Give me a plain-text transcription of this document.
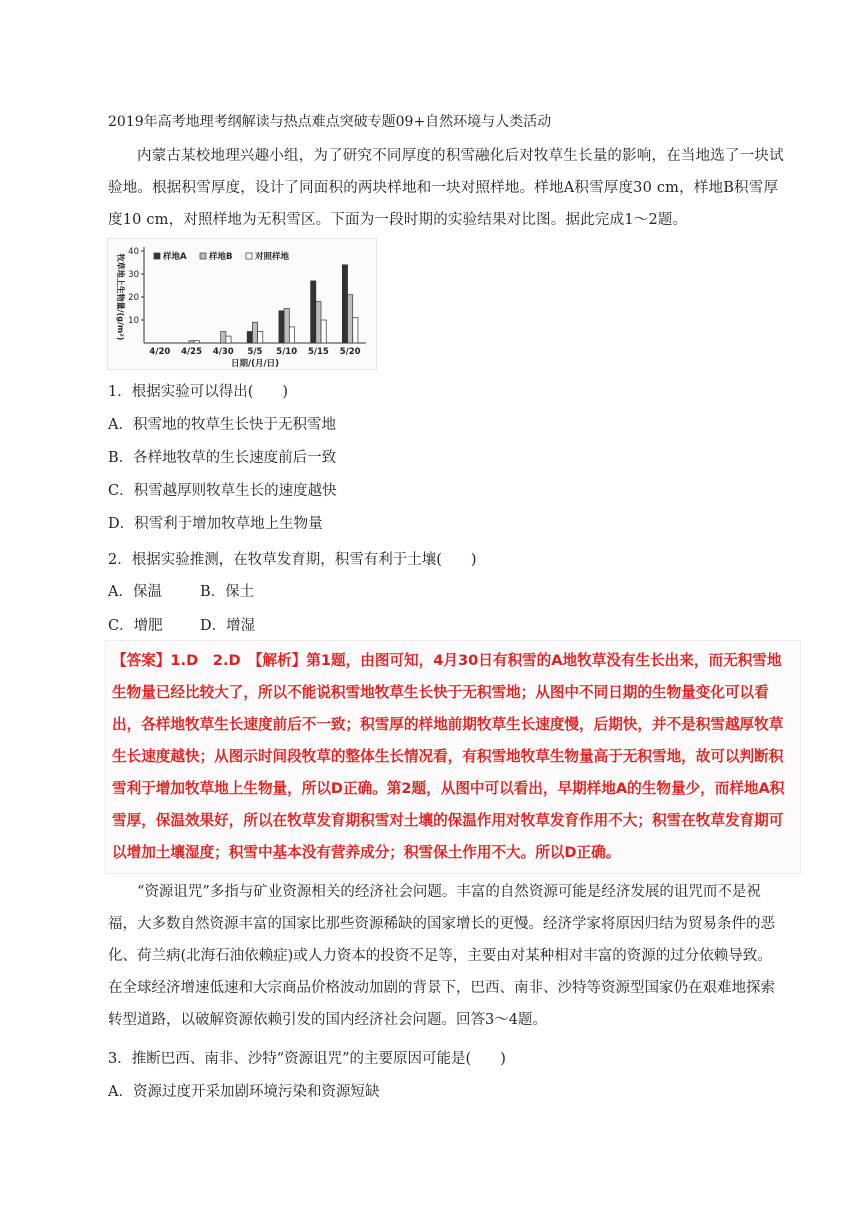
2019年高考地理考纲解读与热点难点突破专题09+自然环境与人类活动

内蒙古某校地理兴趣小组，为了研究不同厚度的积雪融化后对牧草生长量的影响，在当地选了一块试验地。根据积雪厚度，设计了同面积的两块样地和一块对照样地。样地A积雪厚度30 cm，样地B积雪厚度10 cm，对照样地为无积雪区。下面为一段时期的实验结果对比图。据此完成1～2题。

10
20
30
40
牧草地上生物量/(g/m²)
4/20 4/25 4/30 5/5 5/10 5/15 5/20
日期/(月/日)
样地A	样地B	对照样地

1．根据实验可以得出(　　)

A．积雪地的牧草生长快于无积雪地

B．各样地牧草的生长速度前后一致

C．积雪越厚则牧草生长的速度越快

D．积雪利于增加牧草地上生物量

2．根据实验推测，在牧草发育期，积雪有利于土壤(　　)

A．保温	B．保土

C．增肥	D．增湿

【答案】1.D　2.D　 【解析】第1题，由图可知，4月30日有积雪的A地牧草没有生长出来，而无积雪地生物量已经比较大了，所以不能说积雪地牧草生长快于无积雪地；从图中不同日期的生物量变化可以看出，各样地牧草生长速度前后不一致；积雪厚的样地前期牧草生长速度慢，后期快，并不是积雪越厚牧草生长速度越快；从图示时间段牧草的整体生长情况看，有积雪地牧草生物量高于无积雪地，故可以判断积雪利于增加牧草地上生物量，所以D正确。第2题，从图中可以看出，早期样地A的生物量少，而样地A积雪厚，保温效果好，所以在牧草发育期积雪对土壤的保温作用对牧草发育作用不大；积雪在牧草发育期可以增加土壤湿度；积雪中基本没有营养成分；积雪保土作用不大。所以D正确。

“资源诅咒”多指与矿业资源相关的经济社会问题。丰富的自然资源可能是经济发展的诅咒而不是祝福，大多数自然资源丰富的国家比那些资源稀缺的国家增长的更慢。经济学家将原因归结为贸易条件的恶化、荷兰病(北海石油依赖症)或人力资本的投资不足等，主要由对某种相对丰富的资源的过分依赖导致。在全球经济增速低速和大宗商品价格波动加剧的背景下，巴西、南非、沙特等资源型国家仍在艰难地探索转型道路，以破解资源依赖引发的国内经济社会问题。回答3～4题。

3．推断巴西、南非、沙特“资源诅咒”的主要原因可能是(　　)

A．资源过度开采加剧环境污染和资源短缺
